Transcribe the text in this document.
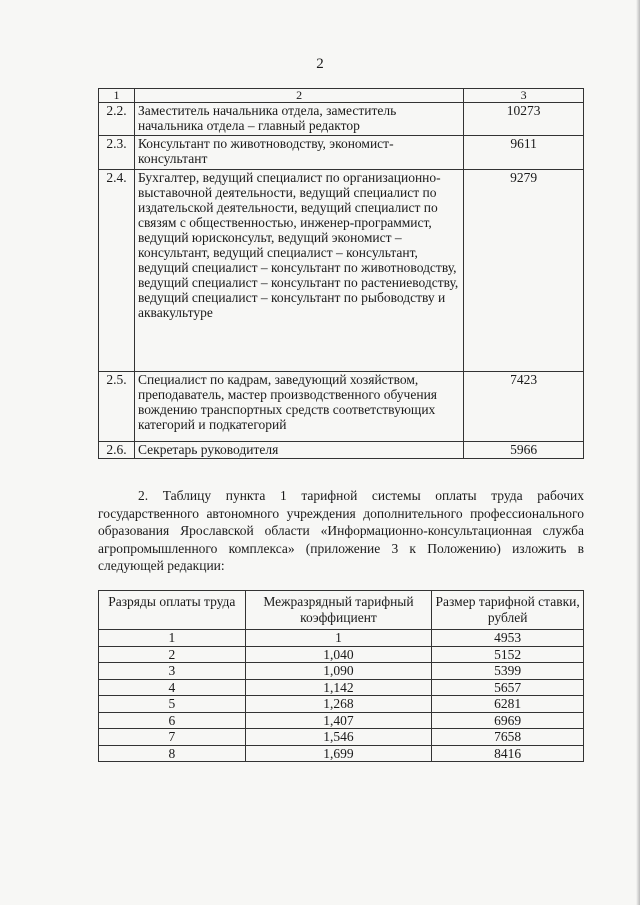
2
1	2	3
2.2.	Заместитель начальника отдела, заместитель начальника отдела – главный редактор	10273
2.3.	Консультант по животноводству, экономист-консультант	9611
2.4.	Бухгалтер, ведущий специалист по организационно-выставочной деятельности, ведущий специалист по издательской деятельности, ведущий специалист по связям с общественностью, инженер-программист, ведущий юрисконсульт, ведущий экономист – консультант, ведущий специалист – консультант, ведущий специалист – консультант по животноводству, ведущий специалист – консультант по растениеводству, ведущий специалист – консультант по рыбоводству и аквакультуре	9279
2.5.	Специалист по кадрам, заведующий хозяйством, преподаватель, мастер производственного обучения вождению транспортных средств соответствующих категорий и подкатегорий	7423
2.6.	Секретарь руководителя	5966
2. Таблицу пункта 1 тарифной системы оплаты труда рабочих государственного автономного учреждения дополнительного профессионального образования Ярославской области «Информационно-консультационная служба агропромышленного комплекса» (приложение 3 к Положению) изложить в следующей редакции:
Разряды оплаты труда	Межразрядный тарифный коэффициент	Размер тарифной ставки, рублей
1	1	4953
2	1,040	5152
3	1,090	5399
4	1,142	5657
5	1,268	6281
6	1,407	6969
7	1,546	7658
8	1,699	8416
